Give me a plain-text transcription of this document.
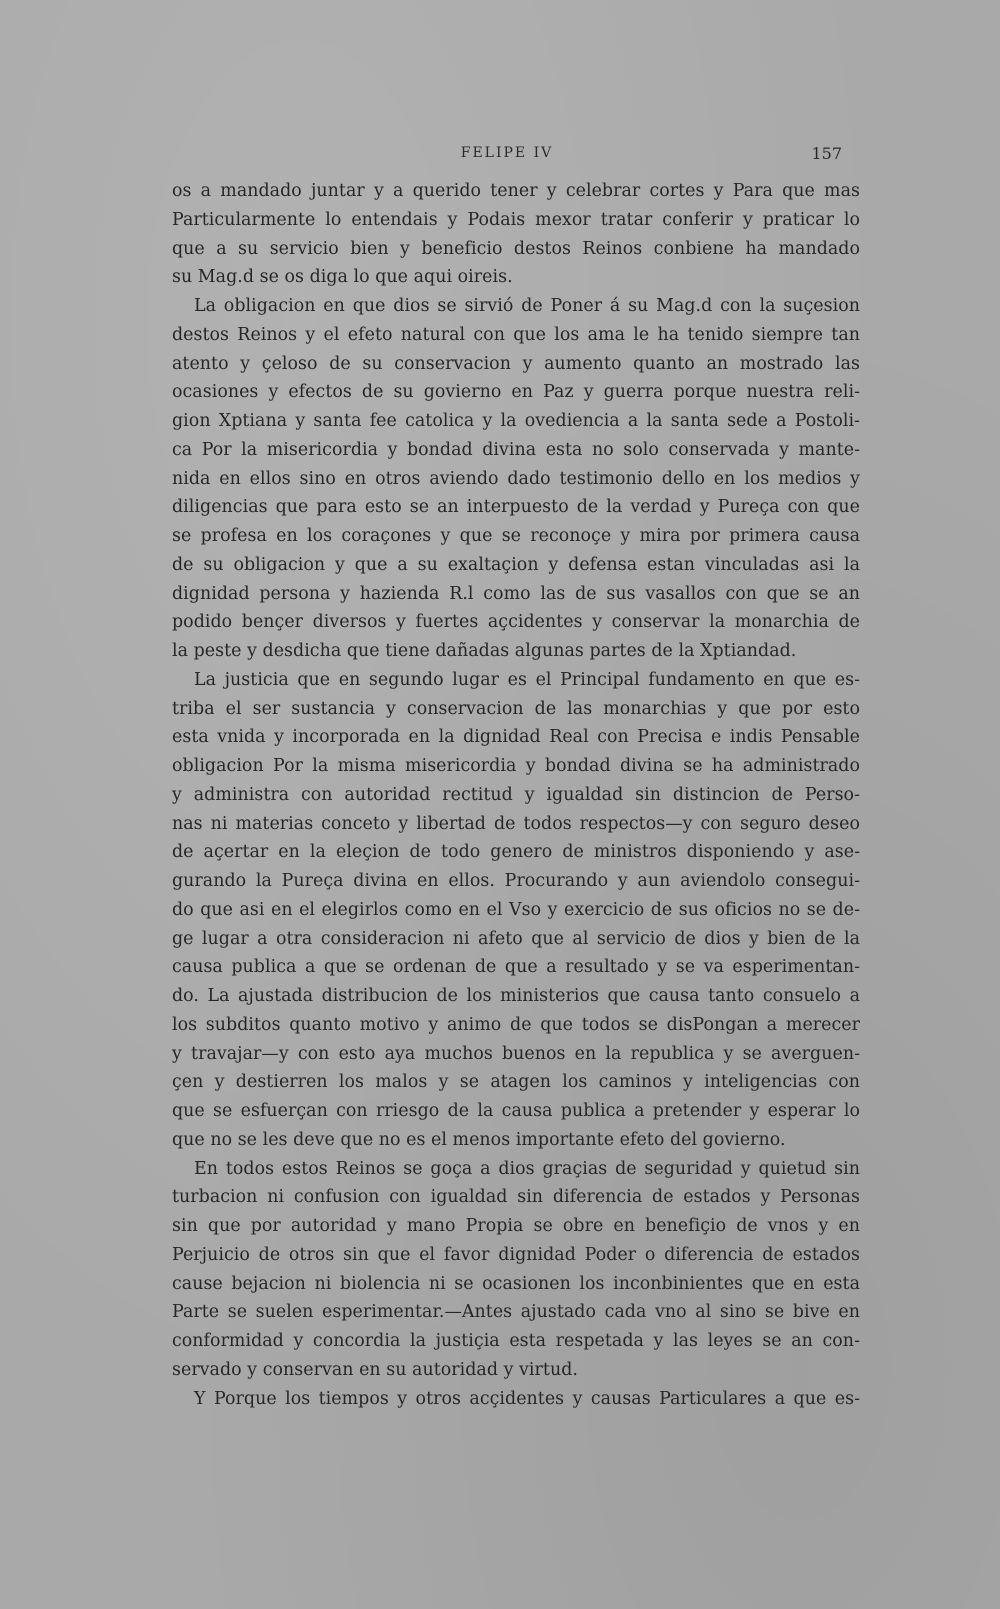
FELIPE IV	157
os a mandado juntar y a querido tener y celebrar cortes y Para que mas
Particularmente lo entendais y Podais mexor tratar conferir y praticar lo
que a su servicio bien y beneficio destos Reinos conbiene ha mandado
su Mag.d se os diga lo que aqui oireis.
La obligacion en que dios se sirvió de Poner á su Mag.d con la suçesion
destos Reinos y el efeto natural con que los ama le ha tenido siempre tan
atento y çeloso de su conservacion y aumento quanto an mostrado las
ocasiones y efectos de su govierno en Paz y guerra porque nuestra reli-
gion Xptiana y santa fee catolica y la ovediencia a la santa sede a Postoli-
ca Por la misericordia y bondad divina esta no solo conservada y mante-
nida en ellos sino en otros aviendo dado testimonio dello en los medios y
diligencias que para esto se an interpuesto de la verdad y Pureça con que
se profesa en los coraçones y que se reconoçe y mira por primera causa
de su obligacion y que a su exaltaçion y defensa estan vinculadas asi la
dignidad persona y hazienda R.l como las de sus vasallos con que se an
podido bençer diversos y fuertes açcidentes y conservar la monarchia de
la peste y desdicha que tiene dañadas algunas partes de la Xptiandad.
La justicia que en segundo lugar es el Principal fundamento en que es-
triba el ser sustancia y conservacion de las monarchias y que por esto
esta vnida y incorporada en la dignidad Real con Precisa e indis Pensable
obligacion Por la misma misericordia y bondad divina se ha administrado
y administra con autoridad rectitud y igualdad sin distincion de Perso-
nas ni materias conceto y libertad de todos respectos—y con seguro deseo
de açertar en la eleçion de todo genero de ministros disponiendo y ase-
gurando la Pureça divina en ellos. Procurando y aun aviendolo consegui-
do que asi en el elegirlos como en el Vso y exercicio de sus oficios no se de-
ge lugar a otra consideracion ni afeto que al servicio de dios y bien de la
causa publica a que se ordenan de que a resultado y se va esperimentan-
do. La ajustada distribucion de los ministerios que causa tanto consuelo a
los subditos quanto motivo y animo de que todos se disPongan a merecer
y travajar—y con esto aya muchos buenos en la republica y se averguen-
çen y destierren los malos y se atagen los caminos y inteligencias con
que se esfuerçan con rriesgo de la causa publica a pretender y esperar lo
que no se les deve que no es el menos importante efeto del govierno.
En todos estos Reinos se goça a dios graçias de seguridad y quietud sin
turbacion ni confusion con igualdad sin diferencia de estados y Personas
sin que por autoridad y mano Propia se obre en benefiçio de vnos y en
Perjuicio de otros sin que el favor dignidad Poder o diferencia de estados
cause bejacion ni biolencia ni se ocasionen los inconbinientes que en esta
Parte se suelen esperimentar.—Antes ajustado cada vno al sino se bive en
conformidad y concordia la justiçia esta respetada y las leyes se an con-
servado y conservan en su autoridad y virtud.
Y Porque los tiempos y otros acçidentes y causas Particulares a que es-
